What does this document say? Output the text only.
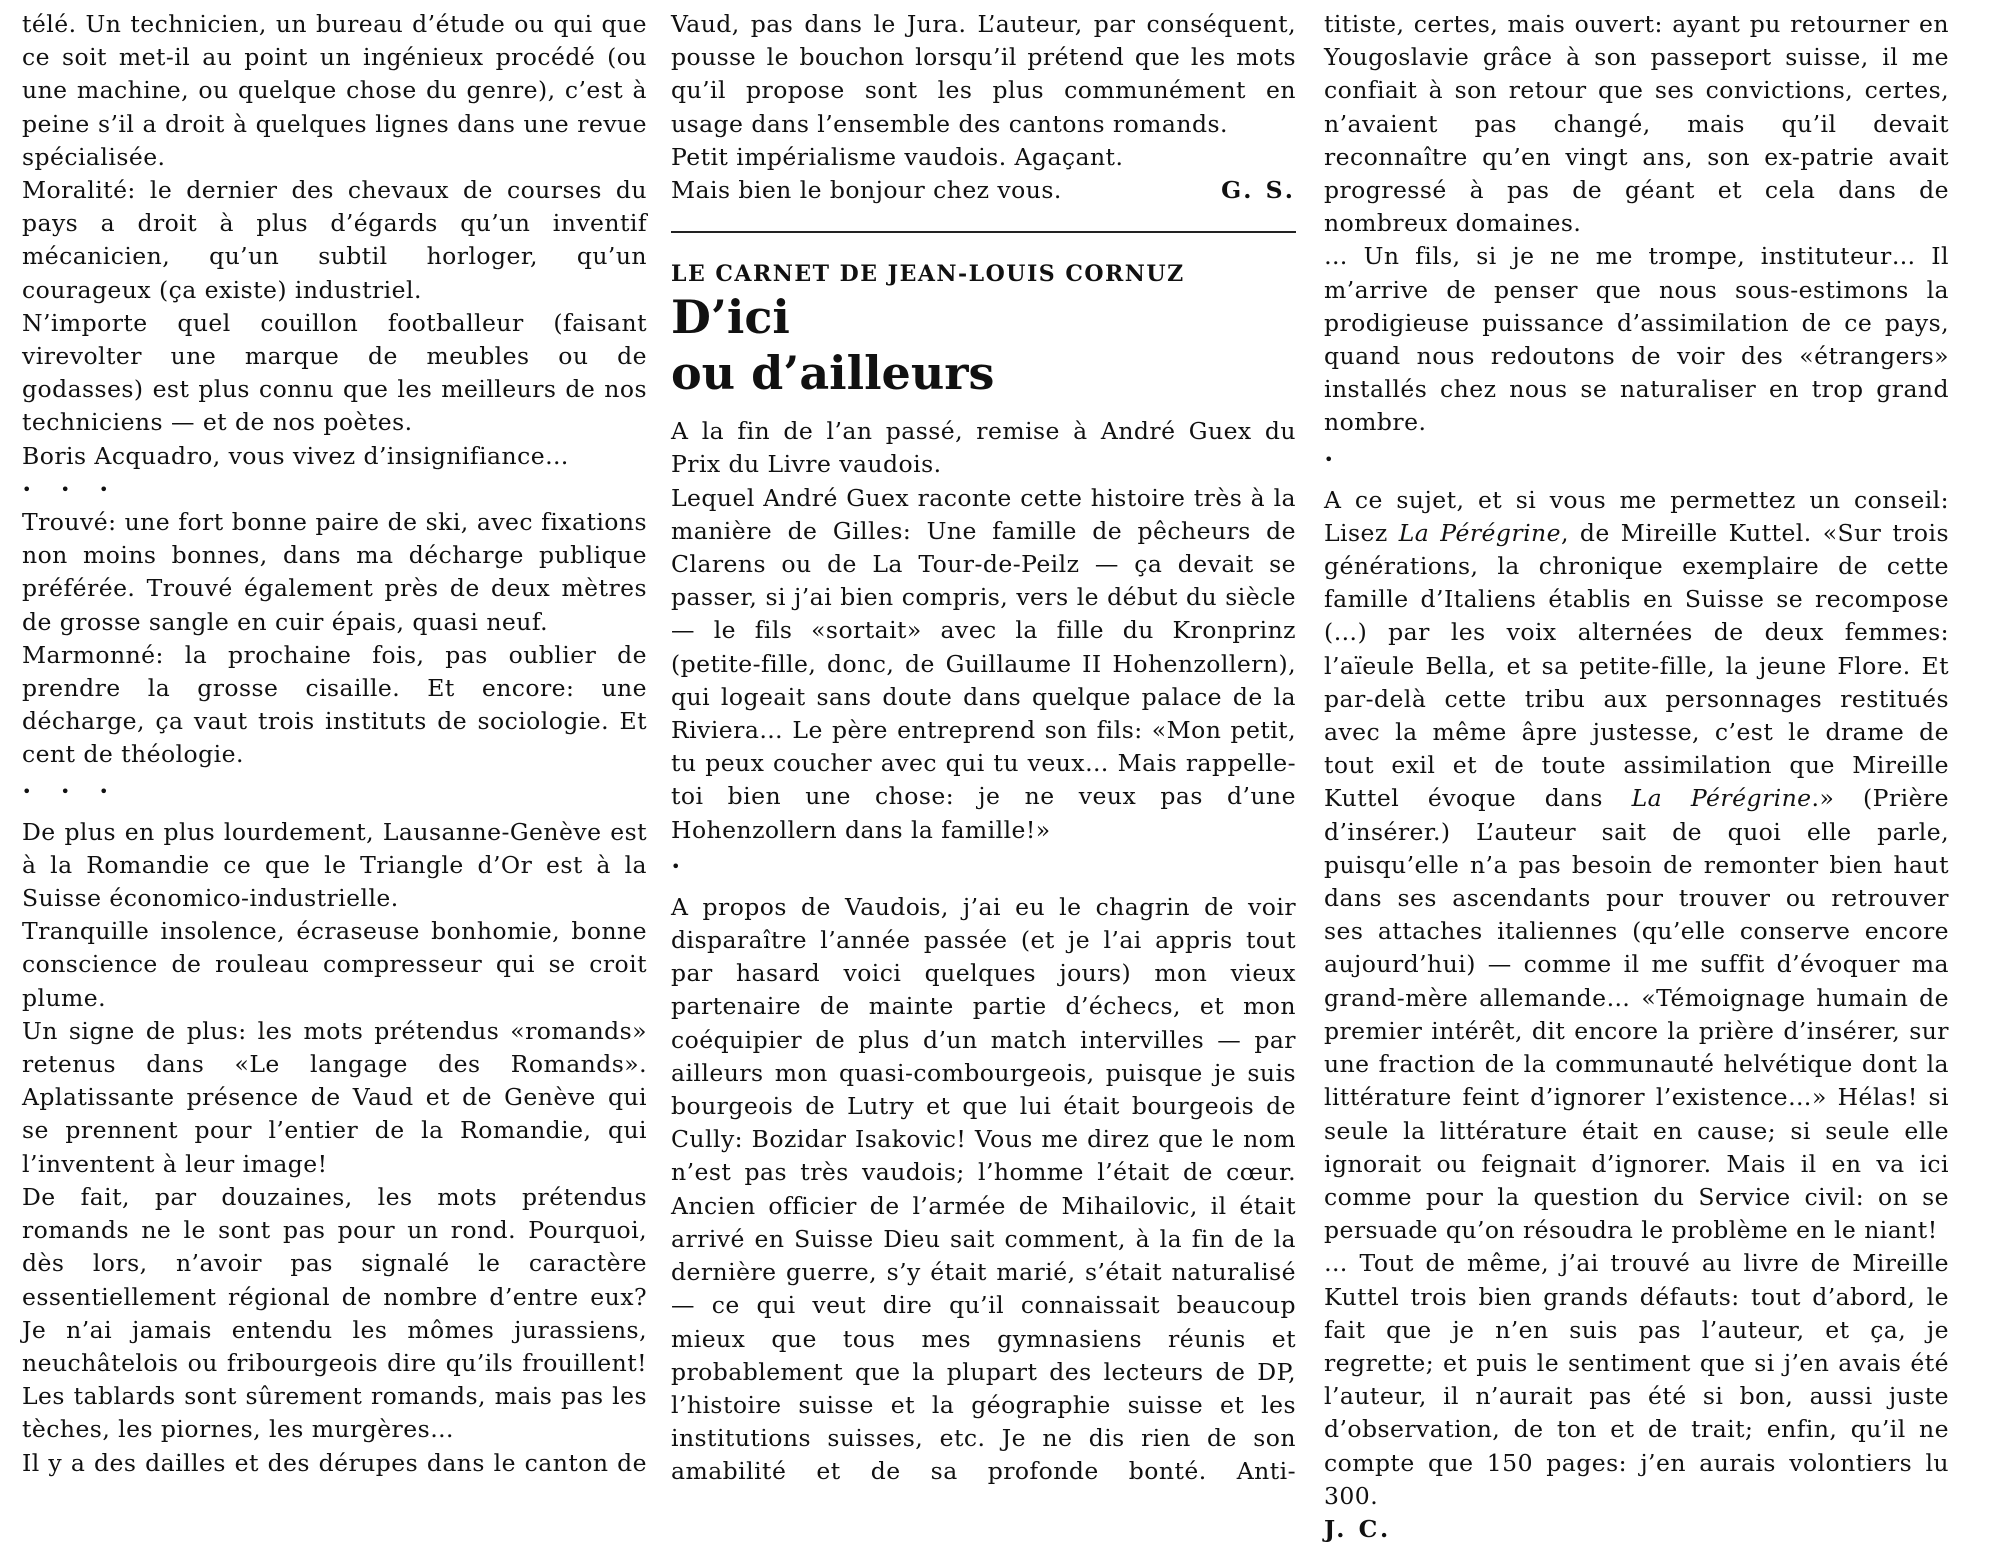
télé. Un technicien, un bureau d’étude ou qui que ce soit met-il au point un ingénieux procédé (ou une machine, ou quelque chose du genre), c’est à peine s’il a droit à quelques lignes dans une revue spécialisée.

Moralité: le dernier des chevaux de courses du pays a droit à plus d’égards qu’un inventif mécanicien, qu’un subtil horloger, qu’un courageux (ça existe) industriel.

N’importe quel couillon footballeur (faisant virevolter une marque de meubles ou de godasses) est plus connu que les meilleurs de nos techniciens — et de nos poètes.

Boris Acquadro, vous vivez d’insignifiance…

• • •

Trouvé: une fort bonne paire de ski, avec fixations non moins bonnes, dans ma décharge publique préférée. Trouvé également près de deux mètres de grosse sangle en cuir épais, quasi neuf.

Marmonné: la prochaine fois, pas oublier de prendre la grosse cisaille. Et encore: une décharge, ça vaut trois instituts de sociologie. Et cent de théologie.

• • •

De plus en plus lourdement, Lausanne-Genève est à la Romandie ce que le Triangle d’Or est à la Suisse économico-industrielle.

Tranquille insolence, écraseuse bonhomie, bonne conscience de rouleau compresseur qui se croit plume.

Un signe de plus: les mots prétendus «romands» retenus dans «Le langage des Romands». Aplatissante présence de Vaud et de Genève qui se prennent pour l’entier de la Romandie, qui l’inventent à leur image!

De fait, par douzaines, les mots prétendus romands ne le sont pas pour un rond. Pourquoi, dès lors, n’avoir pas signalé le caractère essentiellement régional de nombre d’entre eux? Je n’ai jamais entendu les mômes jurassiens, neuchâtelois ou fribourgeois dire qu’ils frouillent! Les tablards sont sûrement romands, mais pas les tèches, les piornes, les murgères…

Il y a des dailles et des dérupes dans le canton de

Vaud, pas dans le Jura. L’auteur, par conséquent, pousse le bouchon lorsqu’il prétend que les mots qu’il propose sont les plus communément en usage dans l’ensemble des cantons romands.

Petit impérialisme vaudois. Agaçant.

Mais bien le bonjour chez vous.	G. S.

LE CARNET DE JEAN-LOUIS CORNUZ

D’ici
ou d’ailleurs

A la fin de l’an passé, remise à André Guex du Prix du Livre vaudois.

Lequel André Guex raconte cette histoire très à la manière de Gilles: Une famille de pêcheurs de Clarens ou de La Tour-de-Peilz — ça devait se passer, si j’ai bien compris, vers le début du siècle — le fils «sortait» avec la fille du Kronprinz (petite-fille, donc, de Guillaume II Hohenzollern), qui logeait sans doute dans quelque palace de la Riviera… Le père entreprend son fils: «Mon petit, tu peux coucher avec qui tu veux… Mais rappelle-toi bien une chose: je ne veux pas d’une Hohenzollern dans la famille!»

•

A propos de Vaudois, j’ai eu le chagrin de voir disparaître l’année passée (et je l’ai appris tout par hasard voici quelques jours) mon vieux partenaire de mainte partie d’échecs, et mon coéquipier de plus d’un match intervilles — par ailleurs mon quasi-combourgeois, puisque je suis bourgeois de Lutry et que lui était bourgeois de Cully: Bozidar Isakovic! Vous me direz que le nom n’est pas très vaudois; l’homme l’était de cœur. Ancien officier de l’armée de Mihailovic, il était arrivé en Suisse Dieu sait comment, à la fin de la dernière guerre, s’y était marié, s’était naturalisé — ce qui veut dire qu’il connaissait beaucoup mieux que tous mes gymnasiens réunis et probablement que la plupart des lecteurs de DP, l’histoire suisse et la géographie suisse et les institutions suisses, etc. Je ne dis rien de son amabilité et de sa profonde bonté. Anti-

titiste, certes, mais ouvert: ayant pu retourner en Yougoslavie grâce à son passeport suisse, il me confiait à son retour que ses convictions, certes, n’avaient pas changé, mais qu’il devait reconnaître qu’en vingt ans, son ex-patrie avait progressé à pas de géant et cela dans de nombreux domaines.

… Un fils, si je ne me trompe, instituteur… Il m’arrive de penser que nous sous-estimons la prodigieuse puissance d’assimilation de ce pays, quand nous redoutons de voir des «étrangers» installés chez nous se naturaliser en trop grand nombre.

•

A ce sujet, et si vous me permettez un conseil: Lisez La Pérégrine, de Mireille Kuttel. «Sur trois générations, la chronique exemplaire de cette famille d’Italiens établis en Suisse se recompose (…) par les voix alternées de deux femmes: l’aïeule Bella, et sa petite-fille, la jeune Flore. Et par-delà cette tribu aux personnages restitués avec la même âpre justesse, c’est le drame de tout exil et de toute assimilation que Mireille Kuttel évoque dans La Pérégrine.» (Prière d’insérer.) L’auteur sait de quoi elle parle, puisqu’elle n’a pas besoin de remonter bien haut dans ses ascendants pour trouver ou retrouver ses attaches italiennes (qu’elle conserve encore aujourd’hui) — comme il me suffit d’évoquer ma grand-mère allemande… «Témoignage humain de premier intérêt, dit encore la prière d’insérer, sur une fraction de la communauté helvétique dont la littérature feint d’ignorer l’existence…» Hélas! si seule la littérature était en cause; si seule elle ignorait ou feignait d’ignorer. Mais il en va ici comme pour la question du Service civil: on se persuade qu’on résoudra le problème en le niant!

… Tout de même, j’ai trouvé au livre de Mireille Kuttel trois bien grands défauts: tout d’abord, le fait que je n’en suis pas l’auteur, et ça, je regrette; et puis le sentiment que si j’en avais été l’auteur, il n’aurait pas été si bon, aussi juste d’observation, de ton et de trait; enfin, qu’il ne compte que 150 pages: j’en aurais volontiers lu 300.

J. C.
